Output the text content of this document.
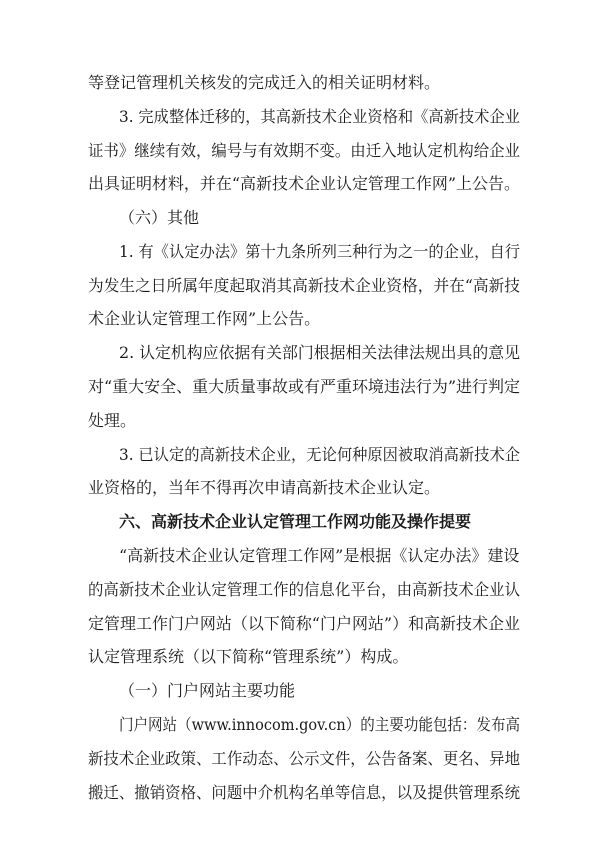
等登记管理机关核发的完成迁入的相关证明材料。
3. 完成整体迁移的，其高新技术企业资格和《高新技术企业
证书》继续有效，编号与有效期不变。由迁入地认定机构给企业
出具证明材料，并在“高新技术企业认定管理工作网”上公告。
（六）其他
1. 有《认定办法》第十九条所列三种行为之一的企业，自行
为发生之日所属年度起取消其高新技术企业资格，并在“高新技
术企业认定管理工作网”上公告。
2. 认定机构应依据有关部门根据相关法律法规出具的意见
对“重大安全、重大质量事故或有严重环境违法行为”进行判定
处理。
3. 已认定的高新技术企业，无论何种原因被取消高新技术企
业资格的，当年不得再次申请高新技术企业认定。
六、高新技术企业认定管理工作网功能及操作提要
“高新技术企业认定管理工作网”是根据《认定办法》建设
的高新技术企业认定管理工作的信息化平台，由高新技术企业认
定管理工作门户网站（以下简称“门户网站”）和高新技术企业
认定管理系统（以下简称“管理系统”）构成。
（一）门户网站主要功能
门户网站（www.innocom.gov.cn）的主要功能包括：发布高
新技术企业政策、工作动态、公示文件，公告备案、更名、异地
搬迁、撤销资格、问题中介机构名单等信息，以及提供管理系统
